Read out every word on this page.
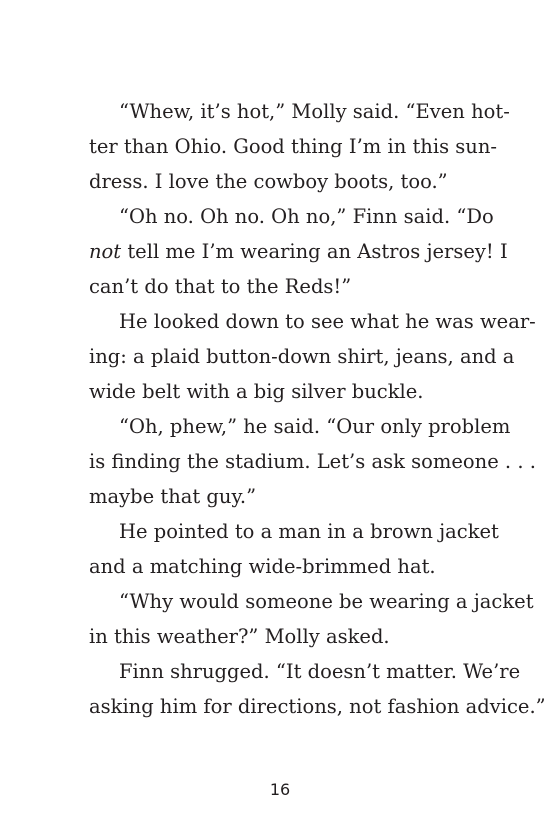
“Whew, it’s hot,” Molly said. “Even hot-
ter than Ohio. Good thing I’m in this sun-
dress. I love the cowboy boots, too.”
“Oh no. Oh no. Oh no,” Finn said. “Do
not tell me I’m wearing an Astros jersey! I
can’t do that to the Reds!”
He looked down to see what he was wear-
ing: a plaid button-down shirt, jeans, and a
wide belt with a big silver buckle.
“Oh, phew,” he said. “Our only problem
is finding the stadium. Let’s ask someone . . .
maybe that guy.”
He pointed to a man in a brown jacket
and a matching wide-brimmed hat.
“Why would someone be wearing a jacket
in this weather?” Molly asked.
Finn shrugged. “It doesn’t matter. We’re
asking him for directions, not fashion advice.”
16
